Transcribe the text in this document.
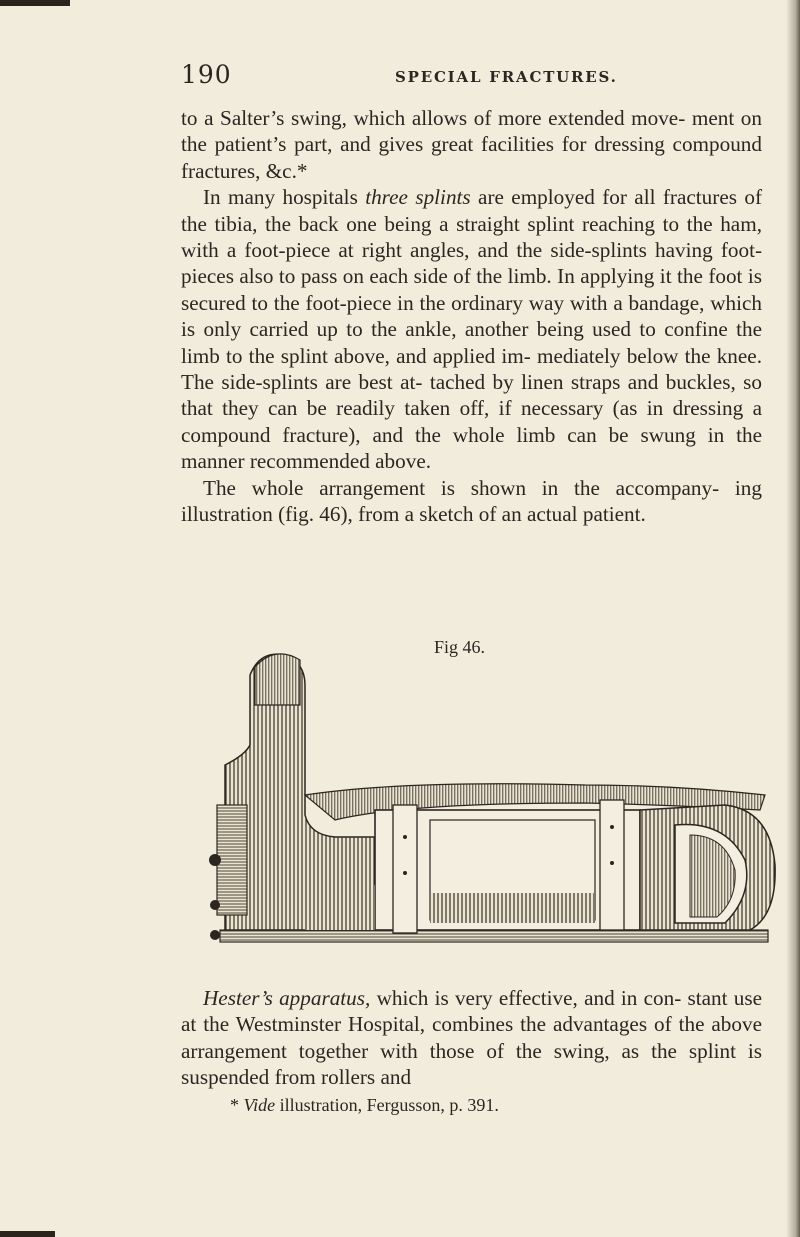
190	SPECIAL FRACTURES.

to a Salter’s swing, which allows of more extended move- ment on the patient’s part, and gives great facilities for dressing compound fractures, &c.*

In many hospitals three splints are employed for all fractures of the tibia, the back one being a straight splint reaching to the ham, with a foot-piece at right angles, and the side-splints having foot-pieces also to pass on each side of the limb. In applying it the foot is secured to the foot-piece in the ordinary way with a bandage, which is only carried up to the ankle, another being used to confine the limb to the splint above, and applied im- mediately below the knee. The side-splints are best at- tached by linen straps and buckles, so that they can be readily taken off, if necessary (as in dressing a compound fracture), and the whole limb can be swung in the manner recommended above.

The whole arrangement is shown in the accompany- ing illustration (fig. 46), from a sketch of an actual patient.

Fig 46.

Hester’s apparatus, which is very effective, and in con- stant use at the Westminster Hospital, combines the advantages of the above arrangement together with those of the swing, as the splint is suspended from rollers and

* Vide illustration, Fergusson, p. 391.
